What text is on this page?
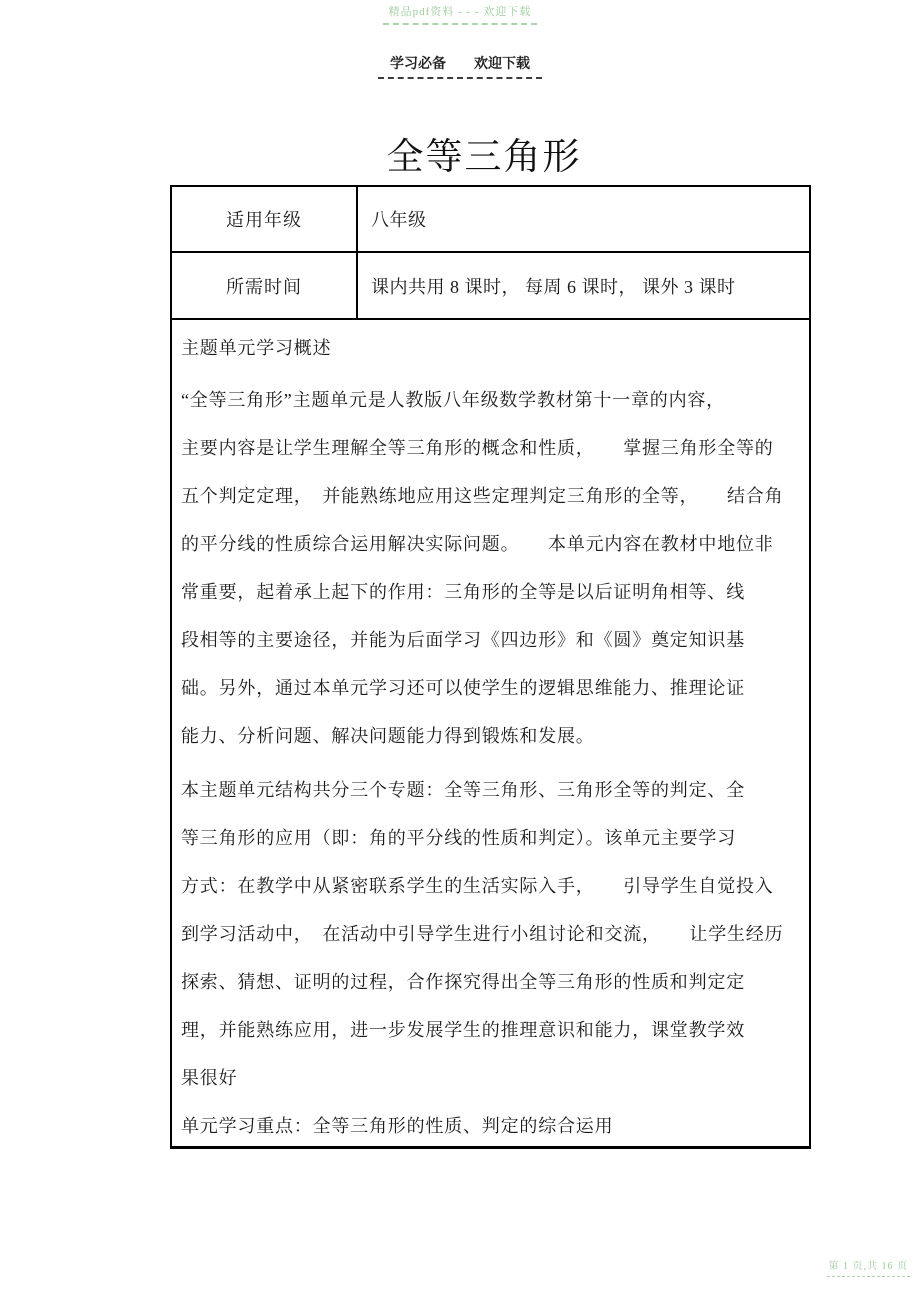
精品pdf资料 - - - 欢迎下载
学习必备 欢迎下载
全等三角形
适用年级	八年级
所需时间	课内共用 8 课时， 每周 6 课时， 课外 3 课时
主题单元学习概述
“全等三角形”主题单元是人教版八年级数学教材第十一章的内容，
主要内容是让学生理解全等三角形的概念和性质，　　掌握三角形全等的
五个判定定理，　并能熟练地应用这些定理判定三角形的全等，　　结合角
的平分线的性质综合运用解决实际问题。　　本单元内容在教材中地位非
常重要，起着承上起下的作用：三角形的全等是以后证明角相等、线
段相等的主要途径，并能为后面学习《四边形》和《圆》奠定知识基
础。另外，通过本单元学习还可以使学生的逻辑思维能力、推理论证
能力、分析问题、解决问题能力得到锻炼和发展。
本主题单元结构共分三个专题：全等三角形、三角形全等的判定、全
等三角形的应用（即：角的平分线的性质和判定）。该单元主要学习
方式：在教学中从紧密联系学生的生活实际入手，　　引导学生自觉投入
到学习活动中，　在活动中引导学生进行小组讨论和交流，　　让学生经历
探索、猜想、证明的过程，合作探究得出全等三角形的性质和判定定
理，并能熟练应用，进一步发展学生的推理意识和能力，课堂教学效
果很好
单元学习重点：全等三角形的性质、判定的综合运用
第 1 页,共 16 页
